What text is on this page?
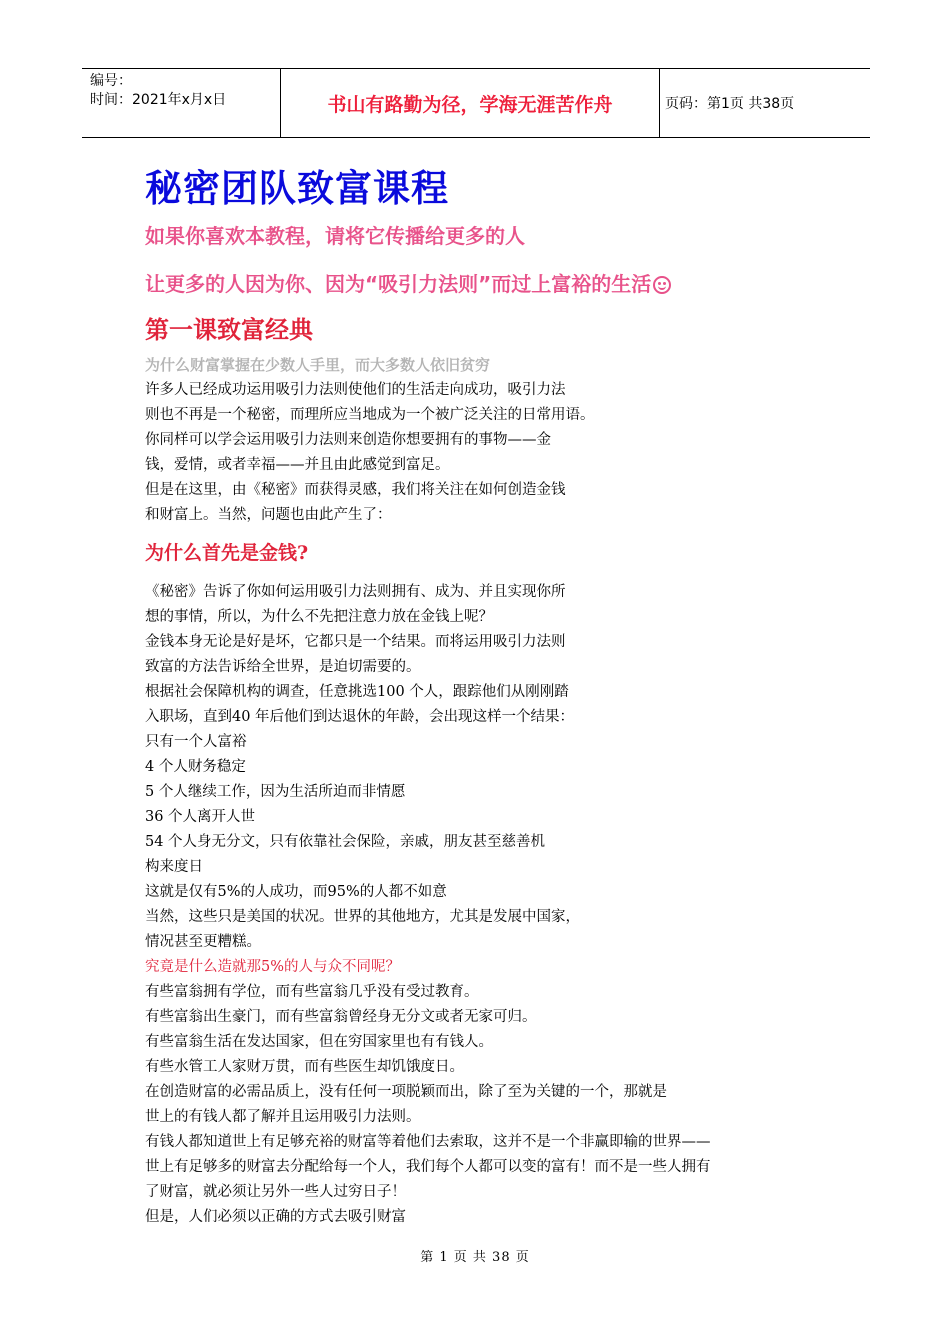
编号：
时间：2021年x月x日	书山有路勤为径，学海无涯苦作舟	页码：第1页 共38页
秘密团队致富课程

如果你喜欢本教程，请将它传播给更多的人

让更多的人因为你、因为“吸引力法则”而过上富裕的生活

第一课致富经典
为什么财富掌握在少数人手里，而大多数人依旧贫穷
许多人已经成功运用吸引力法则使他们的生活走向成功，吸引力法
则也不再是一个秘密，而理所应当地成为一个被广泛关注的日常用语。
你同样可以学会运用吸引力法则来创造你想要拥有的事物——金
钱，爱情，或者幸福——并且由此感觉到富足。
但是在这里，由《秘密》而获得灵感，我们将关注在如何创造金钱
和财富上。当然，问题也由此产生了：
为什么首先是金钱?
《秘密》告诉了你如何运用吸引力法则拥有、成为、并且实现你所
想的事情，所以，为什么不先把注意力放在金钱上呢？
金钱本身无论是好是坏，它都只是一个结果。而将运用吸引力法则
致富的方法告诉给全世界，是迫切需要的。
根据社会保障机构的调查，任意挑选100 个人，跟踪他们从刚刚踏
入职场，直到40 年后他们到达退休的年龄，会出现这样一个结果：
只有一个人富裕
4 个人财务稳定
5 个人继续工作，因为生活所迫而非情愿
36 个人离开人世
54 个人身无分文，只有依靠社会保险，亲戚，朋友甚至慈善机
构来度日
这就是仅有5%的人成功，而95%的人都不如意
当然，这些只是美国的状况。世界的其他地方，尤其是发展中国家，
情况甚至更糟糕。
究竟是什么造就那5%的人与众不同呢？
有些富翁拥有学位，而有些富翁几乎没有受过教育。
有些富翁出生豪门，而有些富翁曾经身无分文或者无家可归。
有些富翁生活在发达国家，但在穷国家里也有有钱人。
有些水管工人家财万贯，而有些医生却饥饿度日。
在创造财富的必需品质上，没有任何一项脱颖而出，除了至为关键的一个，那就是
世上的有钱人都了解并且运用吸引力法则。
有钱人都知道世上有足够充裕的财富等着他们去索取，这并不是一个非赢即输的世界——
世上有足够多的财富去分配给每一个人，我们每个人都可以变的富有！而不是一些人拥有
了财富，就必须让另外一些人过穷日子！
但是，人们必须以正确的方式去吸引财富
第 1 页 共 38 页
